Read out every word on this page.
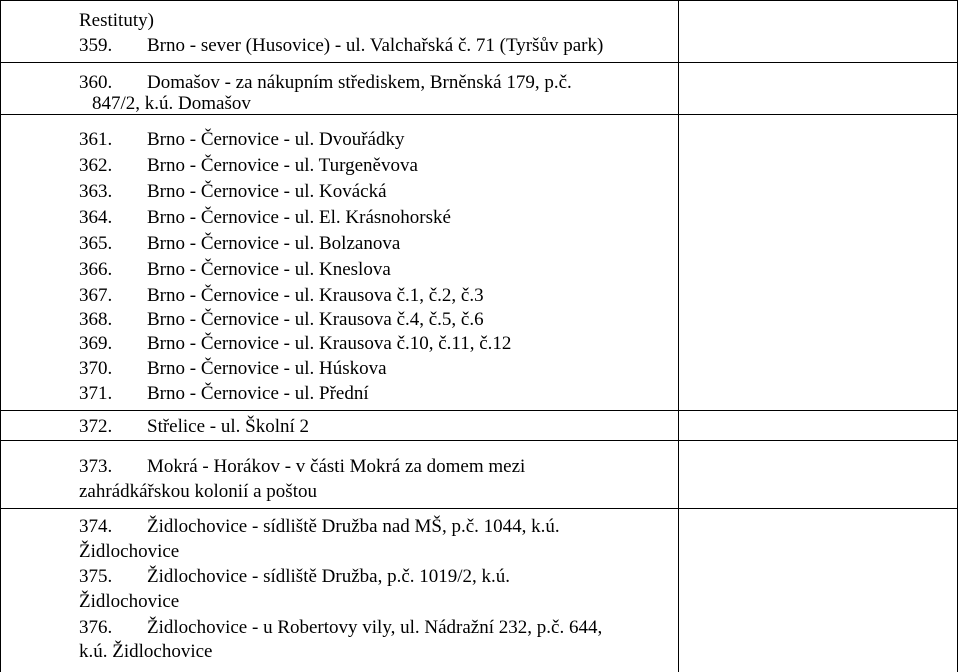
Restituty)
359. Brno - sever (Husovice) - ul. Valchařská č. 71 (Tyršův park)
360. Domašov - za nákupním střediskem, Brněnská 179, p.č.
847/2, k.ú. Domašov
361. Brno - Černovice - ul. Dvouřádky
362. Brno - Černovice - ul. Turgeněvova
363. Brno - Černovice - ul. Kovácká
364. Brno - Černovice - ul. El. Krásnohorské
365. Brno - Černovice - ul. Bolzanova
366. Brno - Černovice - ul. Kneslova
367. Brno - Černovice - ul. Krausova č.1, č.2, č.3
368. Brno - Černovice - ul. Krausova č.4, č.5, č.6
369. Brno - Černovice - ul. Krausova č.10, č.11, č.12
370. Brno - Černovice - ul. Húskova
371. Brno - Černovice - ul. Přední
372. Střelice - ul. Školní 2
373. Mokrá - Horákov - v části Mokrá za domem mezi
zahrádkářskou kolonií a poštou
374. Židlochovice - sídliště Družba nad MŠ, p.č. 1044, k.ú.
Židlochovice
375. Židlochovice - sídliště Družba, p.č. 1019/2, k.ú.
Židlochovice
376. Židlochovice - u Robertovy vily, ul. Nádražní 232, p.č. 644,
k.ú. Židlochovice
